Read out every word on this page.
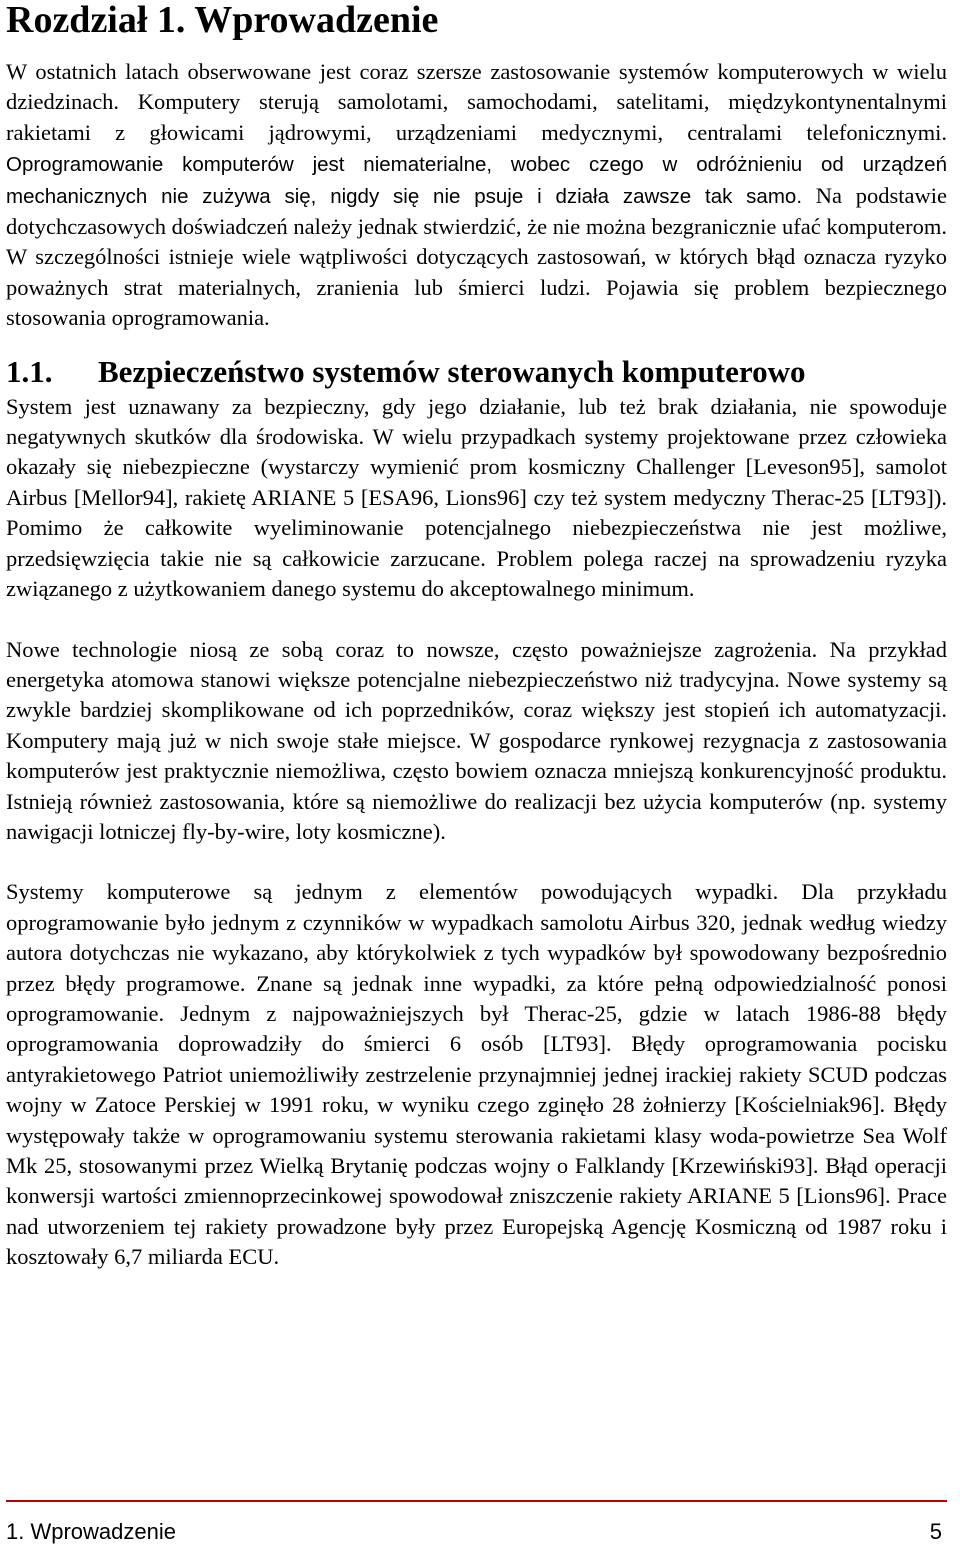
Rozdział 1. Wprowadzenie

W ostatnich latach obserwowane jest coraz szersze zastosowanie systemów komputerowych w wielu dziedzinach. Komputery sterują samolotami, samochodami, satelitami, międzykontynentalnymi rakietami z głowicami jądrowymi, urządzeniami medycznymi, centralami telefonicznymi. Oprogramowanie komputerów jest niematerialne, wobec czego w odróżnieniu od urządzeń mechanicznych nie zużywa się, nigdy się nie psuje i działa zawsze tak samo. Na podstawie dotychczasowych doświadczeń należy jednak stwierdzić, że nie można bezgranicznie ufać komputerom. W szczególności istnieje wiele wątpliwości dotyczących zastosowań, w których błąd oznacza ryzyko poważnych strat materialnych, zranienia lub śmierci ludzi. Pojawia się problem bezpiecznego stosowania oprogramowania.

1.1. Bezpieczeństwo systemów sterowanych komputerowo

System jest uznawany za bezpieczny, gdy jego działanie, lub też brak działania, nie spowoduje negatywnych skutków dla środowiska. W wielu przypadkach systemy projektowane przez człowieka okazały się niebezpieczne (wystarczy wymienić prom kosmiczny Challenger [Leveson95], samolot Airbus [Mellor94], rakietę ARIANE 5 [ESA96, Lions96] czy też system medyczny Therac-25 [LT93]). Pomimo że całkowite wyeliminowanie potencjalnego niebezpieczeństwa nie jest możliwe, przedsięwzięcia takie nie są całkowicie zarzucane. Problem polega raczej na sprowadzeniu ryzyka związanego z użytkowaniem danego systemu do akceptowalnego minimum.

Nowe technologie niosą ze sobą coraz to nowsze, często poważniejsze zagrożenia. Na przykład energetyka atomowa stanowi większe potencjalne niebezpieczeństwo niż tradycyjna. Nowe systemy są zwykle bardziej skomplikowane od ich poprzedników, coraz większy jest stopień ich automatyzacji. Komputery mają już w nich swoje stałe miejsce. W gospodarce rynkowej rezygnacja z zastosowania komputerów jest praktycznie niemożliwa, często bowiem oznacza mniejszą konkurencyjność produktu. Istnieją również zastosowania, które są niemożliwe do realizacji bez użycia komputerów (np. systemy nawigacji lotniczej fly-by-wire, loty kosmiczne).

Systemy komputerowe są jednym z elementów powodujących wypadki. Dla przykładu oprogramowanie było jednym z czynników w wypadkach samolotu Airbus 320, jednak według wiedzy autora dotychczas nie wykazano, aby którykolwiek z tych wypadków był spowodowany bezpośrednio przez błędy programowe. Znane są jednak inne wypadki, za które pełną odpowiedzialność ponosi oprogramowanie. Jednym z najpoważniejszych był Therac-25, gdzie w latach 1986-88 błędy oprogramowania doprowadziły do śmierci 6 osób [LT93]. Błędy oprogramowania pocisku antyrakietowego Patriot uniemożliwiły zestrzelenie przynajmniej jednej irackiej rakiety SCUD podczas wojny w Zatoce Perskiej w 1991 roku, w wyniku czego zginęło 28 żołnierzy [Kościelniak96]. Błędy występowały także w oprogramowaniu systemu sterowania rakietami klasy woda-powietrze Sea Wolf Mk 25, stosowanymi przez Wielką Brytanię podczas wojny o Falklandy [Krzewiński93]. Błąd operacji konwersji wartości zmiennoprzecinkowej spowodował zniszczenie rakiety ARIANE 5 [Lions96]. Prace nad utworzeniem tej rakiety prowadzone były przez Europejską Agencję Kosmiczną od 1987 roku i kosztowały 6,7 miliarda ECU.

1. Wprowadzenie	5
